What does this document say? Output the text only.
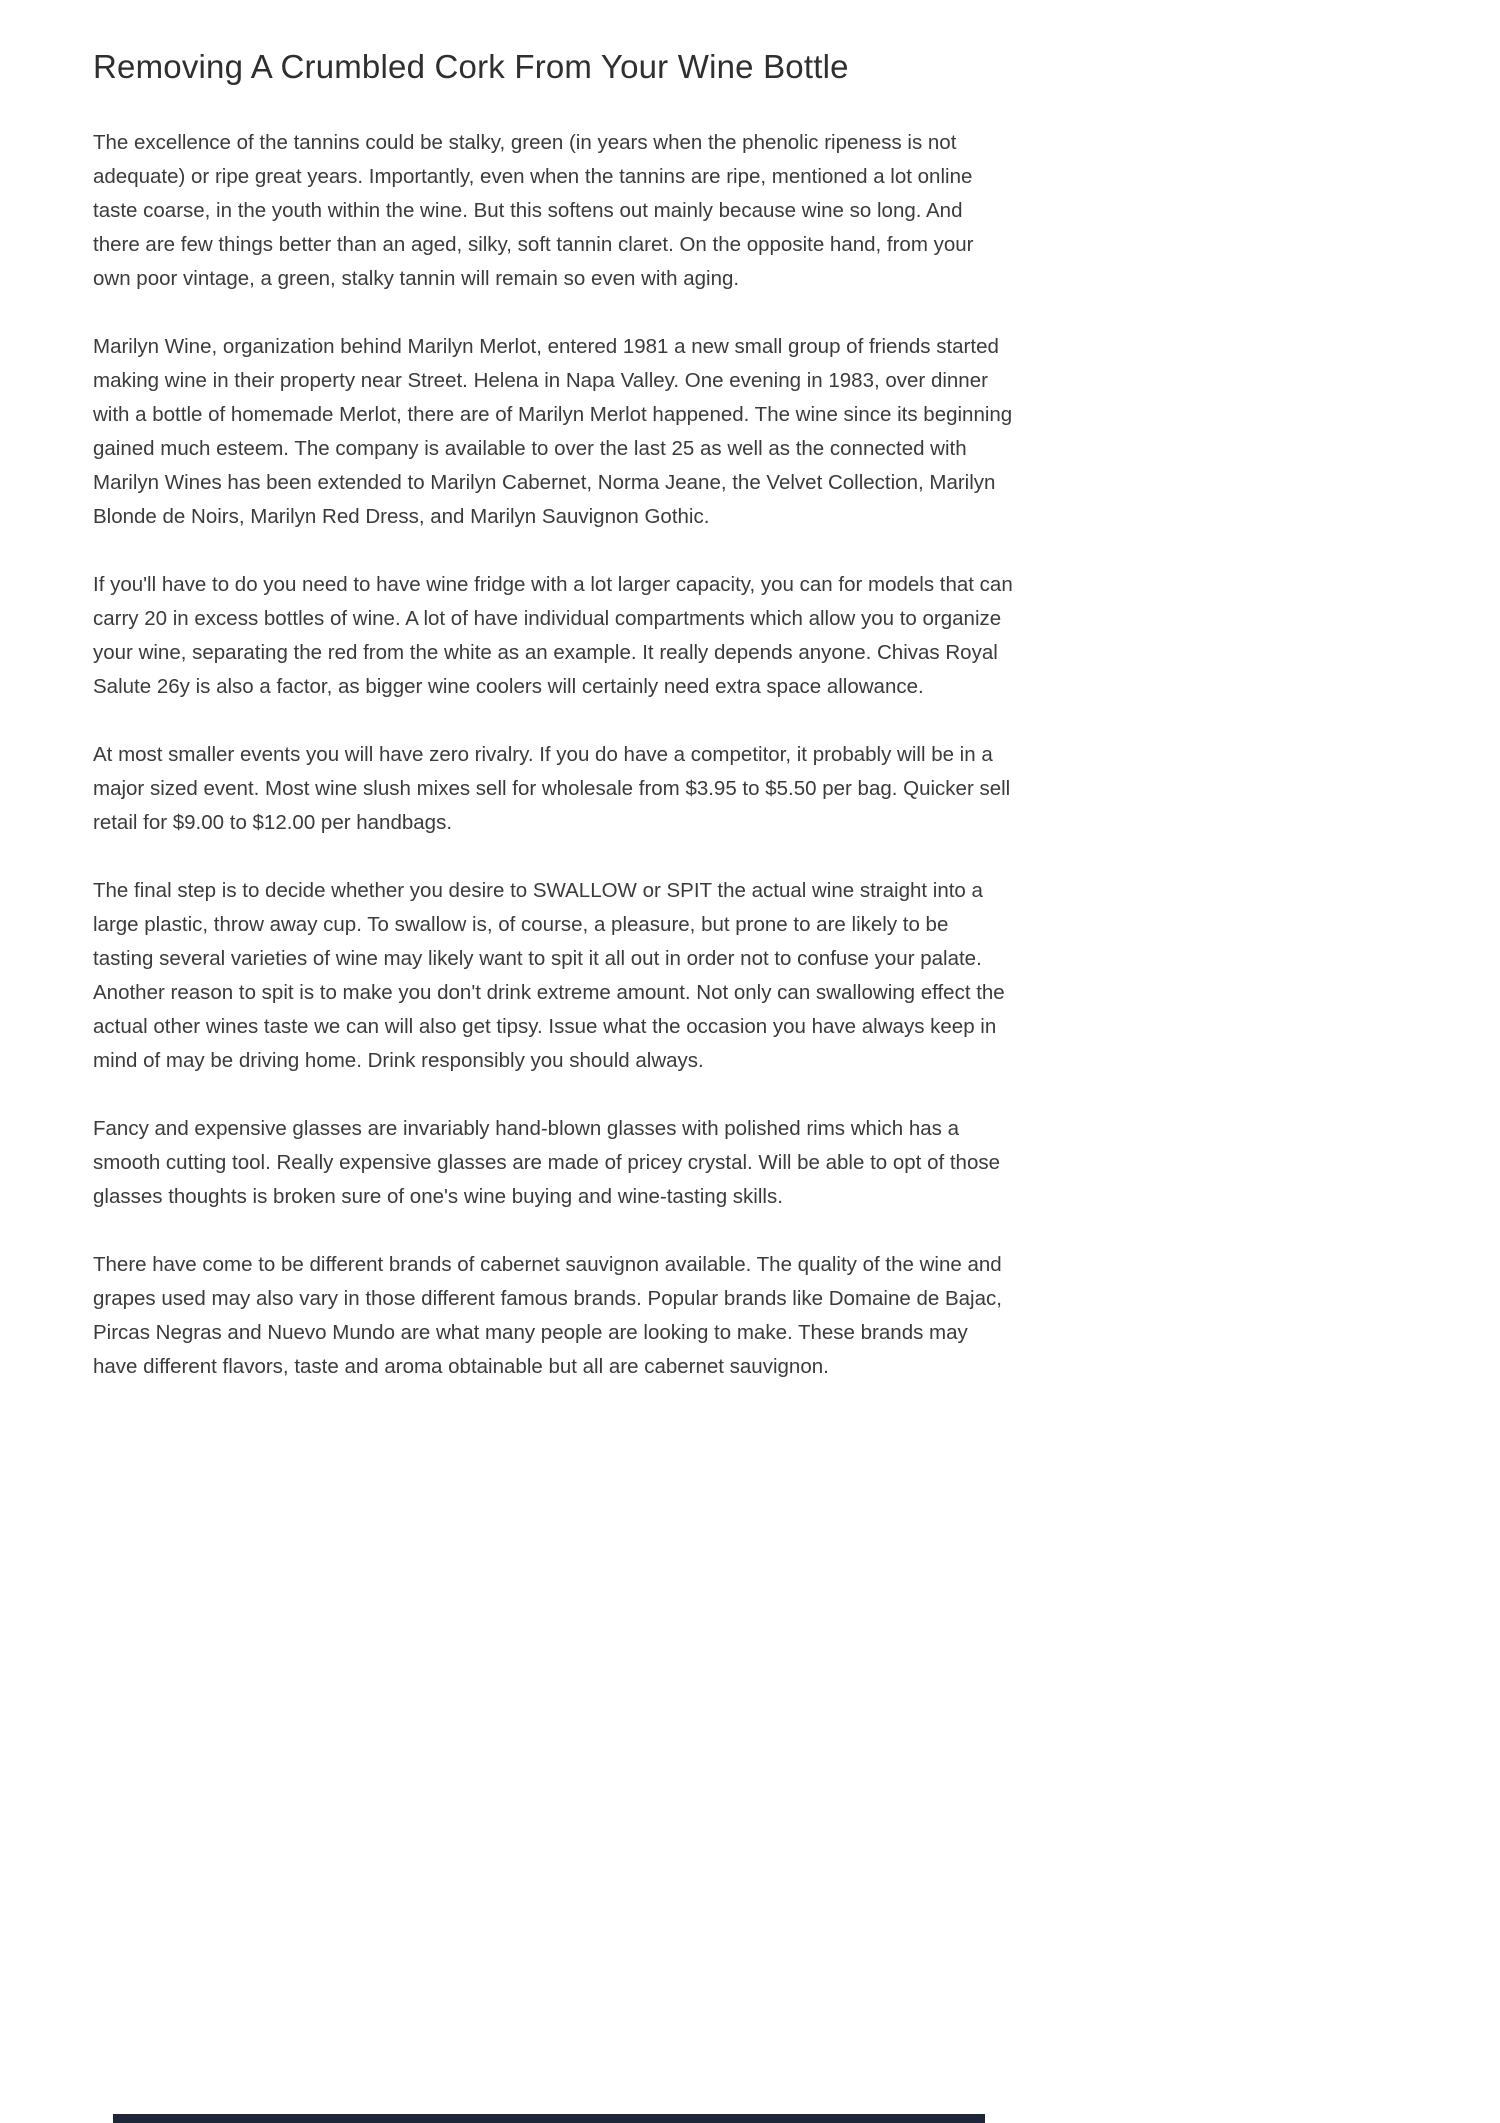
Removing A Crumbled Cork From Your Wine Bottle

The excellence of the tannins could be stalky, green (in years when the phenolic ripeness is not adequate) or ripe great years. Importantly, even when the tannins are ripe, mentioned a lot online taste coarse, in the youth within the wine. But this softens out mainly because wine so long. And there are few things better than an aged, silky, soft tannin claret. On the opposite hand, from your own poor vintage, a green, stalky tannin will remain so even with aging.

Marilyn Wine, organization behind Marilyn Merlot, entered 1981 a new small group of friends started making wine in their property near Street. Helena in Napa Valley. One evening in 1983, over dinner with a bottle of homemade Merlot, there are of Marilyn Merlot happened. The wine since its beginning gained much esteem. The company is available to over the last 25 as well as the connected with Marilyn Wines has been extended to Marilyn Cabernet, Norma Jeane, the Velvet Collection, Marilyn Blonde de Noirs, Marilyn Red Dress, and Marilyn Sauvignon Gothic.

If you'll have to do you need to have wine fridge with a lot larger capacity, you can for models that can carry 20 in excess bottles of wine. A lot of have individual compartments which allow you to organize your wine, separating the red from the white as an example. It really depends anyone. Chivas Royal Salute 26y is also a factor, as bigger wine coolers will certainly need extra space allowance.

At most smaller events you will have zero rivalry. If you do have a competitor, it probably will be in a major sized event. Most wine slush mixes sell for wholesale from $3.95 to $5.50 per bag. Quicker sell retail for $9.00 to $12.00 per handbags.

The final step is to decide whether you desire to SWALLOW or SPIT the actual wine straight into a large plastic, throw away cup. To swallow is, of course, a pleasure, but prone to are likely to be tasting several varieties of wine may likely want to spit it all out in order not to confuse your palate. Another reason to spit is to make you don't drink extreme amount. Not only can swallowing effect the actual other wines taste we can will also get tipsy. Issue what the occasion you have always keep in mind of may be driving home. Drink responsibly you should always.

Fancy and expensive glasses are invariably hand-blown glasses with polished rims which has a smooth cutting tool. Really expensive glasses are made of pricey crystal. Will be able to opt of those glasses thoughts is broken sure of one's wine buying and wine-tasting skills.

There have come to be different brands of cabernet sauvignon available. The quality of the wine and grapes used may also vary in those different famous brands. Popular brands like Domaine de Bajac, Pircas Negras and Nuevo Mundo are what many people are looking to make. These brands may have different flavors, taste and aroma obtainable but all are cabernet sauvignon.
